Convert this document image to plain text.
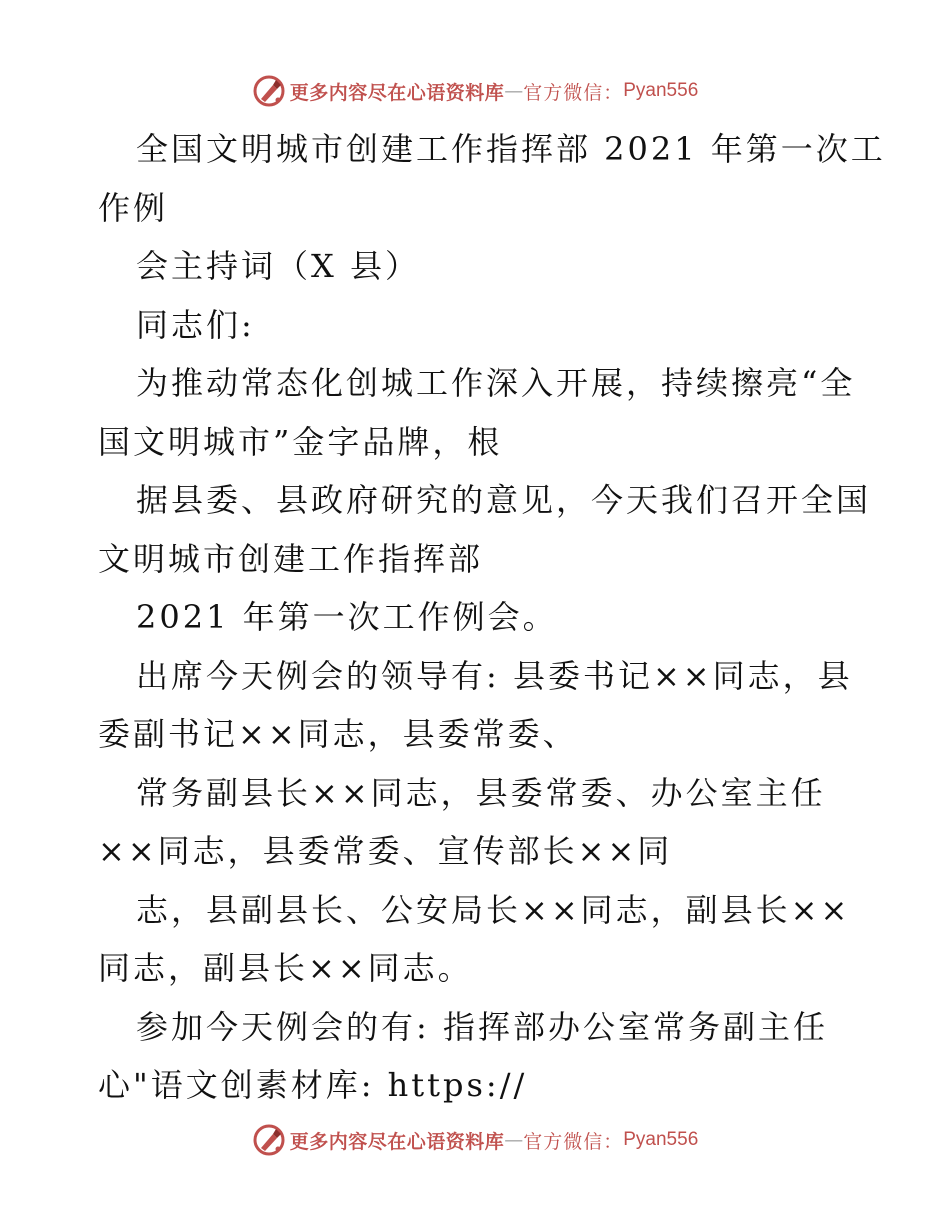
更多内容尽在心语资料库 — 官方微信： Pyan556

全国文明城市创建工作指挥部 2021 年第一次工

作例

会主持词（X 县）

同志们:

为推动常态化创城工作深入开展，持续擦亮“全

国文明城市”金字品牌，根

据县委、县政府研究的意见，今天我们召开全国

文明城市创建工作指挥部

2021 年第一次工作例会。

出席今天例会的领导有: 县委书记××同志，县

委副书记××同志，县委常委、

常务副县长××同志，县委常委、办公室主任

××同志，县委常委、宣传部长××同

志，县副县长、公安局长××同志，副县长××

同志，副县长××同志。

参加今天例会的有: 指挥部办公室常务副主任

心"语文创素材库: https://

更多内容尽在心语资料库 — 官方微信： Pyan556
